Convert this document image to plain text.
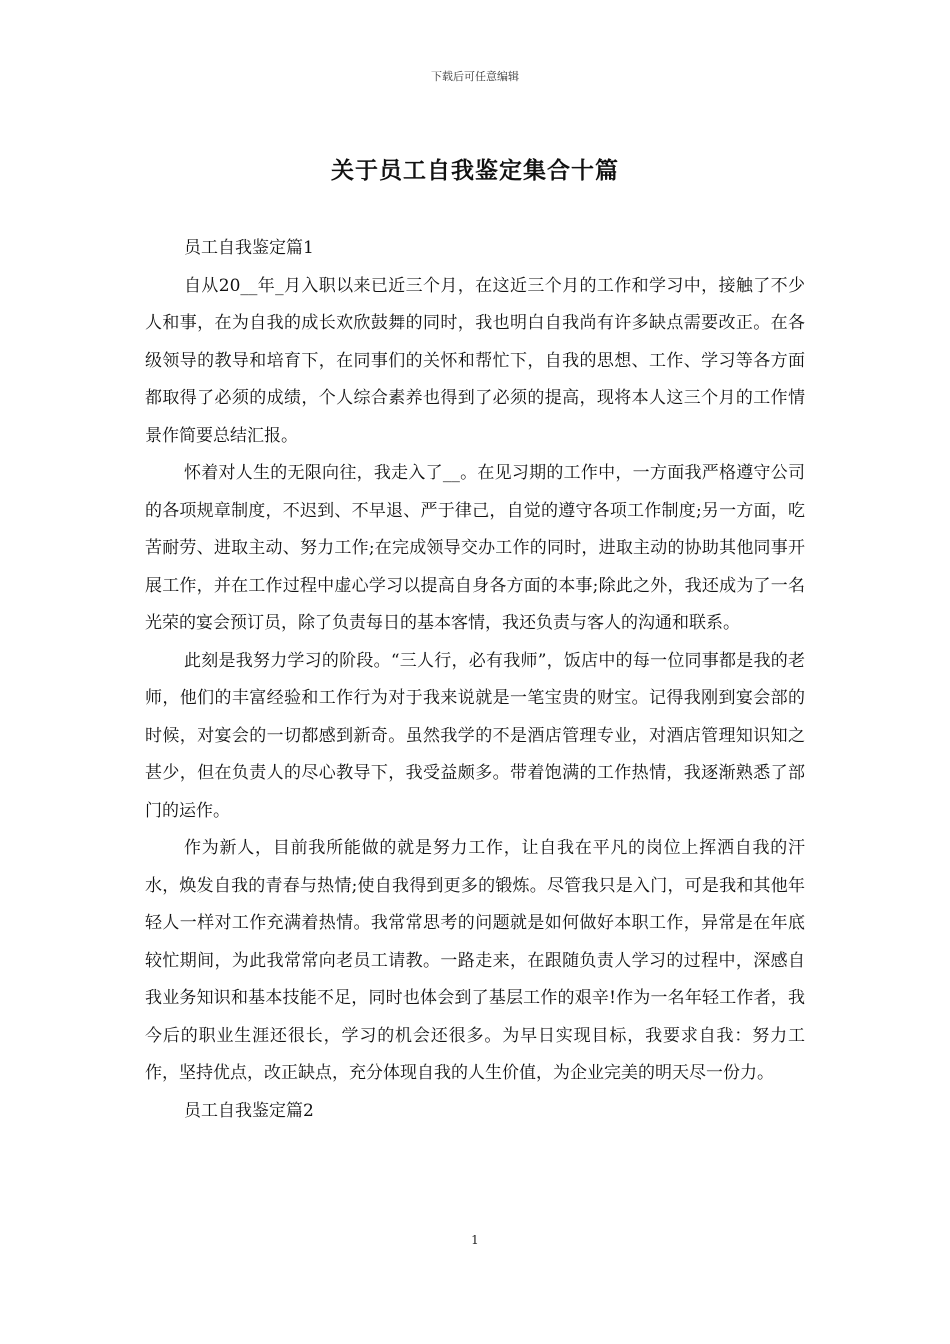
下载后可任意编辑
关于员工自我鉴定集合十篇

员工自我鉴定篇1

自从20__年_月入职以来已近三个月，在这近三个月的工作和学习中，接触了不少人和事，在为自我的成长欢欣鼓舞的同时，我也明白自我尚有许多缺点需要改正。在各级领导的教导和培育下，在同事们的关怀和帮忙下，自我的思想、工作、学习等各方面都取得了必须的成绩，个人综合素养也得到了必须的提高，现将本人这三个月的工作情景作简要总结汇报。

怀着对人生的无限向往，我走入了__。在见习期的工作中，一方面我严格遵守公司的各项规章制度，不迟到、不早退、严于律己，自觉的遵守各项工作制度;另一方面，吃苦耐劳、进取主动、努力工作;在完成领导交办工作的同时，进取主动的协助其他同事开展工作，并在工作过程中虚心学习以提高自身各方面的本事;除此之外，我还成为了一名光荣的宴会预订员，除了负责每日的基本客情，我还负责与客人的沟通和联系。

此刻是我努力学习的阶段。“三人行，必有我师”，饭店中的每一位同事都是我的老师，他们的丰富经验和工作行为对于我来说就是一笔宝贵的财宝。记得我刚到宴会部的时候，对宴会的一切都感到新奇。虽然我学的不是酒店管理专业，对酒店管理知识知之甚少，但在负责人的尽心教导下，我受益颇多。带着饱满的工作热情，我逐渐熟悉了部门的运作。

作为新人，目前我所能做的就是努力工作，让自我在平凡的岗位上挥洒自我的汗水，焕发自我的青春与热情;使自我得到更多的锻炼。尽管我只是入门，可是我和其他年轻人一样对工作充满着热情。我常常思考的问题就是如何做好本职工作，异常是在年底较忙期间，为此我常常向老员工请教。一路走来，在跟随负责人学习的过程中，深感自我业务知识和基本技能不足，同时也体会到了基层工作的艰辛!作为一名年轻工作者，我今后的职业生涯还很长，学习的机会还很多。为早日实现目标，我要求自我：努力工作，坚持优点，改正缺点，充分体现自我的人生价值，为企业完美的明天尽一份力。

员工自我鉴定篇2

1
